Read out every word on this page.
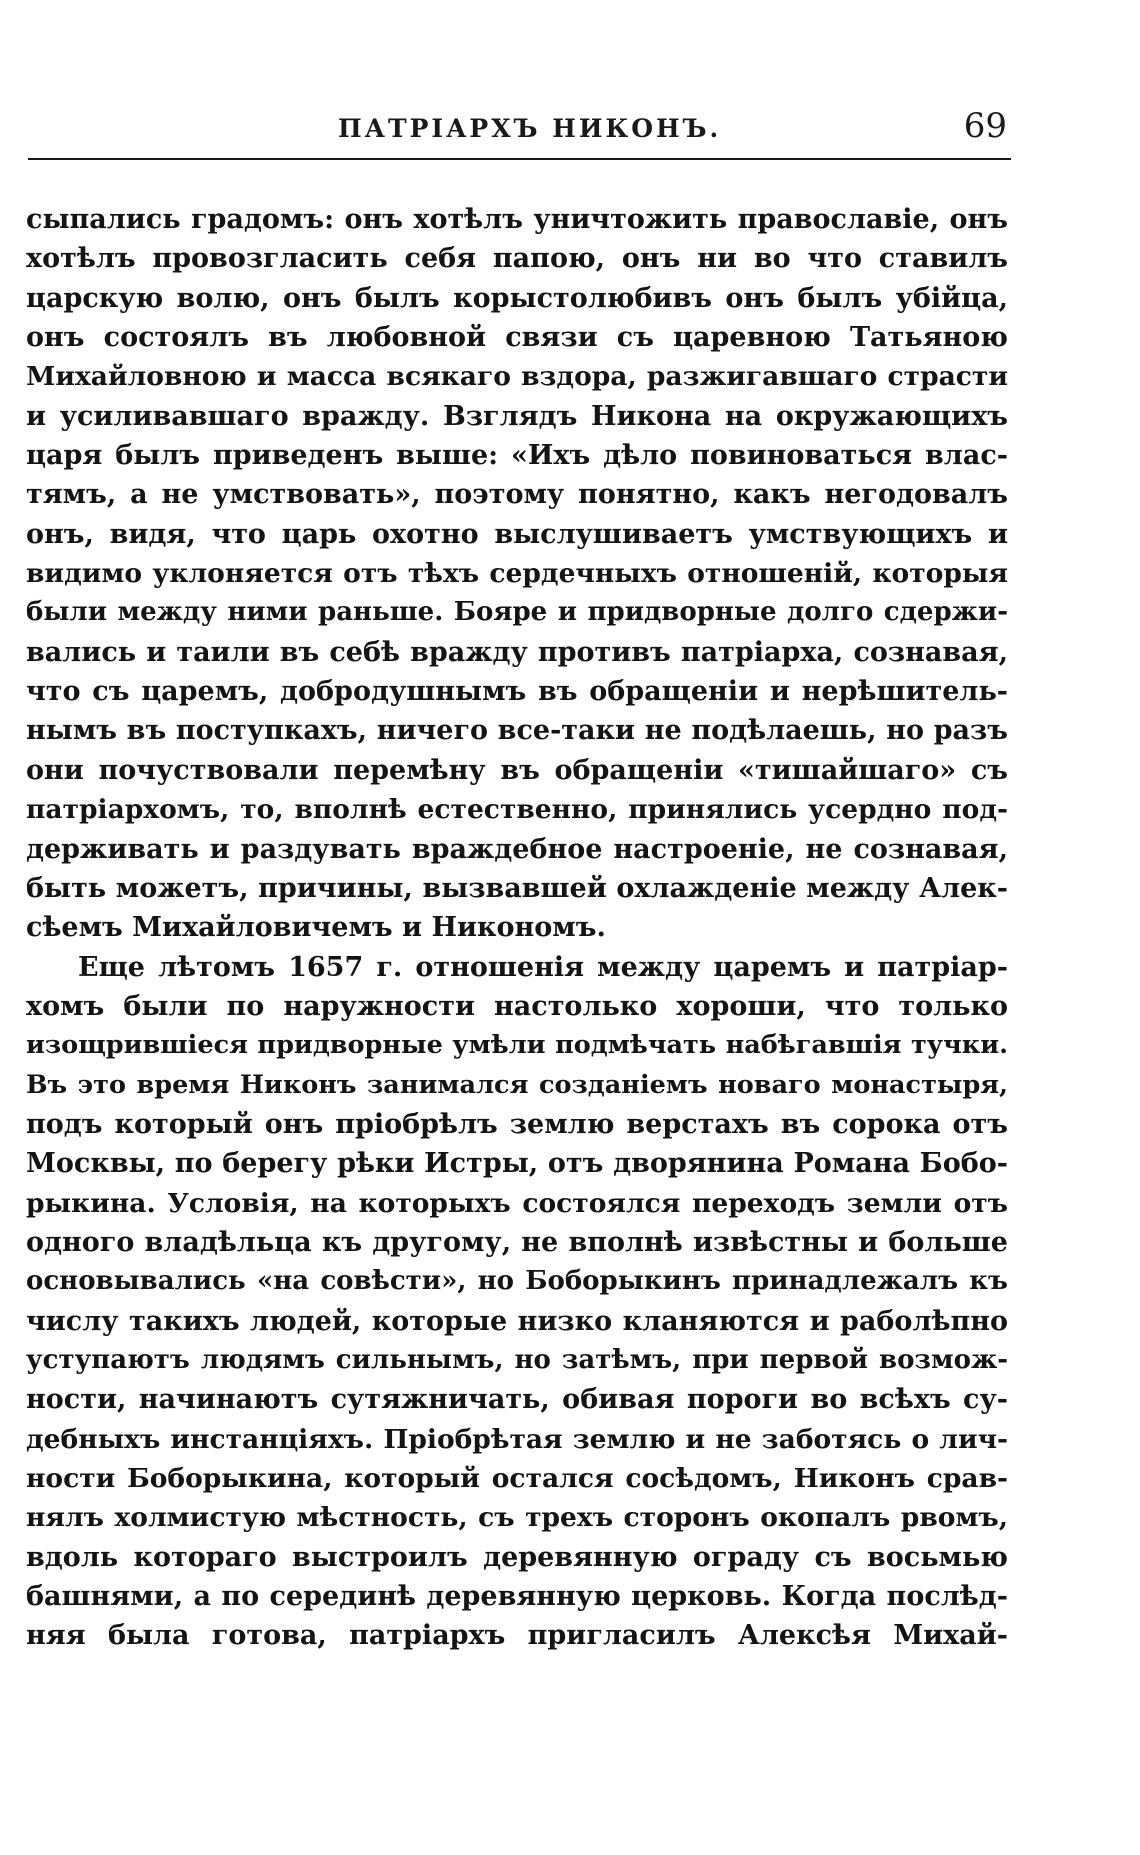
ПАТРІАРХЪ НИКОНЪ.	69
сыпались градомъ: онъ хотѣлъ уничтожить православіе, онъ
хотѣлъ провозгласить себя папою, онъ ни во что ставилъ
царскую волю, онъ былъ корыстолюбивъ онъ былъ убійца,
онъ состоялъ въ любовной связи съ царевною Татьяною
Михайловною и масса всякаго вздора, разжигавшаго страсти
и усиливавшаго вражду. Взглядъ Никона на окружающихъ
царя былъ приведенъ выше: «Ихъ дѣло повиноваться влас-
тямъ, а не умствовать», поэтому понятно, какъ негодовалъ
онъ, видя, что царь охотно выслушиваетъ умствующихъ и
видимо уклоняется отъ тѣхъ сердечныхъ отношеній, которыя
были между ними раньше. Бояре и придворные долго сдержи-
вались и таили въ себѣ вражду противъ патріарха, сознавая,
что съ царемъ, добродушнымъ въ обращеніи и нерѣшитель-
нымъ въ поступкахъ, ничего все-таки не подѣлаешь, но разъ
они почуствовали перемѣну въ обращеніи «тишайшаго» съ
патріархомъ, то, вполнѣ естественно, принялись усердно под-
держивать и раздувать враждебное настроеніе, не сознавая,
быть можетъ, причины, вызвавшей охлажденіе между Алек-
сѣемъ Михайловичемъ и Никономъ.
Еще лѣтомъ 1657 г. отношенія между царемъ и патріар-
хомъ были по наружности настолько хороши, что только
изощрившіеся придворные умѣли подмѣчать набѣгавшія тучки.
Въ это время Никонъ занимался созданіемъ новаго монастыря,
подъ который онъ пріобрѣлъ землю верстахъ въ сорока отъ
Москвы, по берегу рѣки Истры, отъ дворянина Романа Бобо-
рыкина. Условія, на которыхъ состоялся переходъ земли отъ
одного владѣльца къ другому, не вполнѣ извѣстны и больше
основывались «на совѣсти», но Боборыкинъ принадлежалъ къ
числу такихъ людей, которые низко кланяются и раболѣпно
уступаютъ людямъ сильнымъ, но затѣмъ, при первой возмож-
ности, начинаютъ сутяжничать, обивая пороги во всѣхъ су-
дебныхъ инстанціяхъ. Пріобрѣтая землю и не заботясь о лич-
ности Боборыкина, который остался сосѣдомъ, Никонъ срав-
нялъ холмистую мѣстность, съ трехъ сторонъ окопалъ рвомъ,
вдоль котораго выстроилъ деревянную ограду съ восьмью
башнями, а по серединѣ деревянную церковь. Когда послѣд-
няя была готова, патріархъ пригласилъ Алексѣя Михай-
